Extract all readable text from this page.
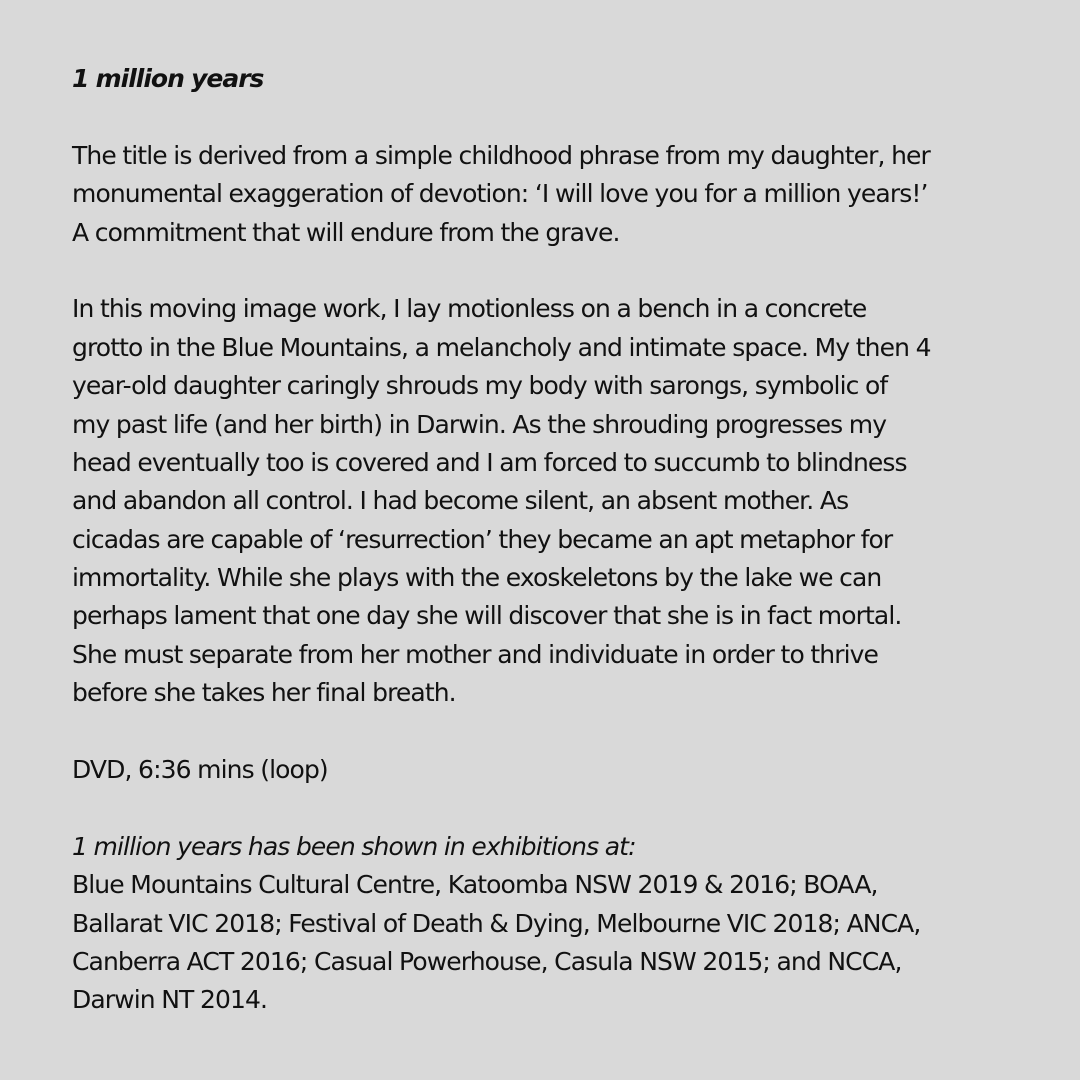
1 million years
The title is derived from a simple childhood phrase from my daughter, her
monumental exaggeration of devotion: ‘I will love you for a million years!’
A commitment that will endure from the grave.
In this moving image work, I lay motionless on a bench in a concrete
grotto in the Blue Mountains, a melancholy and intimate space. My then 4
year-old daughter caringly shrouds my body with sarongs, symbolic of
my past life (and her birth) in Darwin. As the shrouding progresses my
head eventually too is covered and I am forced to succumb to blindness
and abandon all control. I had become silent, an absent mother. As
cicadas are capable of ‘resurrection’ they became an apt metaphor for
immortality. While she plays with the exoskeletons by the lake we can
perhaps lament that one day she will discover that she is in fact mortal.
She must separate from her mother and individuate in order to thrive
before she takes her final breath.
DVD, 6:36 mins (loop)
1 million years has been shown in exhibitions at:
Blue Mountains Cultural Centre, Katoomba NSW 2019 & 2016; BOAA,
Ballarat VIC 2018; Festival of Death & Dying, Melbourne VIC 2018; ANCA,
Canberra ACT 2016; Casual Powerhouse, Casula NSW 2015; and NCCA,
Darwin NT 2014.
